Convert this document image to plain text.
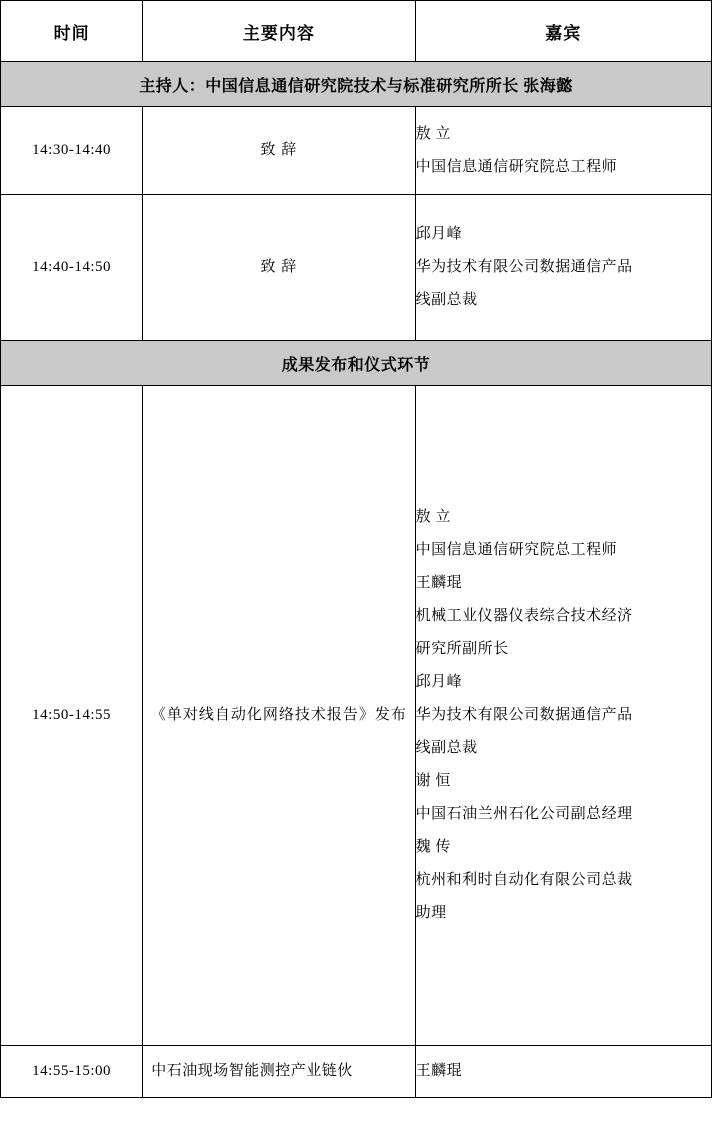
时间	主要内容	嘉宾
主持人：中国信息通信研究院技术与标准研究所所长 张海懿		
14:30-14:40	致 辞	敖 立
中国信息通信研究院总工程师

14:40-14:50	致 辞	邱月峰
华为技术有限公司数据通信产品
线副总裁

成果发布和仪式环节		
14:50-14:55	《单对线自动化网络技术报告》发布	
敖 立
中国信息通信研究院总工程师
王麟琨
机械工业仪器仪表综合技术经济
研究所副所长
邱月峰
华为技术有限公司数据通信产品
线副总裁
谢 恒
中国石油兰州石化公司副总经理
魏 传
杭州和利时自动化有限公司总裁
助理

14:55-15:00	中石油现场智能测控产业链伙	王麟琨
